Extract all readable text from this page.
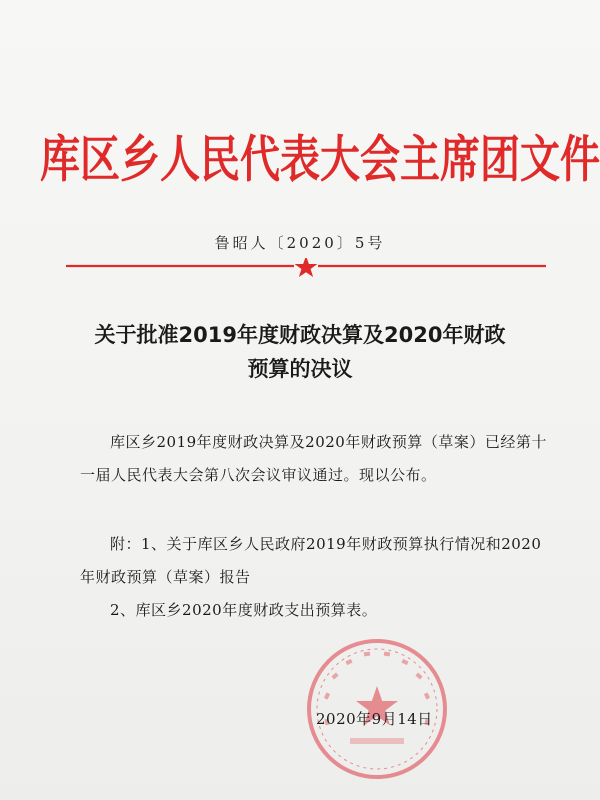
库区乡人民代表大会主席团文件
鲁昭人〔2020〕5号
关于批准2019年度财政决算及2020年财政
预算的决议

库区乡2019年度财政决算及2020年财政预算（草案）已经第十一届人民代表大会第八次会议审议通过。现以公布。

附：1、关于库区乡人民政府2019年财政预算执行情况和2020年财政预算（草案）报告

2、库区乡2020年度财政支出预算表。

2020年9月14日
